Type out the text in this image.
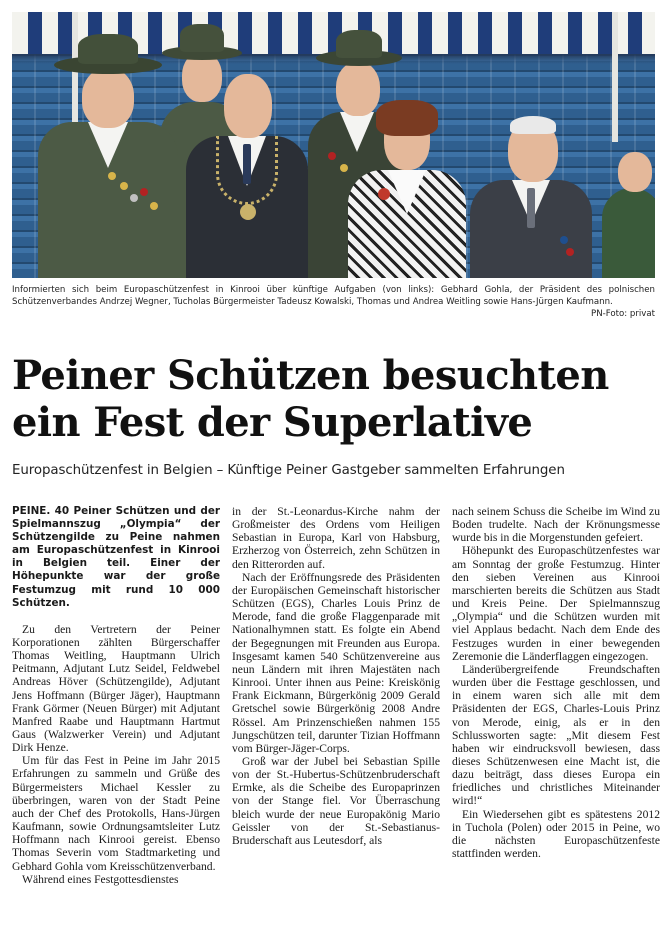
Informierten sich beim Europaschützenfest in Kinrooi über künftige Aufgaben (von links): Gebhard Gohla, der Präsident des polnischen Schützenverbandes Andrzej Wegner, Tucholas Bürgermeister Tadeusz Kowalski, Thomas und Andrea Weitling sowie Hans-Jürgen Kaufmann.
PN-Foto: privat
Peiner Schützen besuchten
ein Fest der Superlative

Europaschützenfest in Belgien – Künftige Peiner Gastgeber sammelten Erfahrungen

PEINE. 40 Peiner Schützen und der Spielmannszug „Olympia“ der Schützengilde zu Peine nahmen am Europaschützenfest in Kinrooi in Belgien teil. Einer der Höhepunkte war der große Festumzug mit rund 10 000 Schützen.

Zu den Vertretern der Peiner Korporationen zählten Bürgerschaffer Thomas Weitling, Hauptmann Ulrich Peitmann, Adjutant Lutz Seidel, Feldwebel Andreas Höver (Schützengilde), Adjutant Jens Hoffmann (Bürger Jäger), Hauptmann Frank Görmer (Neuen Bürger) mit Adjutant Manfred Raabe und Hauptmann Hartmut Gaus (Walzwerker Verein) und Adjutant Dirk Henze.

Um für das Fest in Peine im Jahr 2015 Erfahrungen zu sammeln und Grüße des Bürgermeisters Michael Kessler zu überbringen, waren von der Stadt Peine auch der Chef des Protokolls, Hans-Jürgen Kaufmann, sowie Ordnungsamtsleiter Lutz Hoffmann nach Kinrooi gereist. Ebenso Thomas Severin vom Stadtmarketing und Gebhard Gohla vom Kreisschützenverband.

Während eines Festgottesdienstes

in der St.-Leonardus-Kirche nahm der Großmeister des Ordens vom Heiligen Sebastian in Europa, Karl von Habsburg, Erzherzog von Österreich, zehn Schützen in den Ritterorden auf.

Nach der Eröffnungsrede des Präsidenten der Europäischen Gemeinschaft historischer Schützen (EGS), Charles Louis Prinz de Merode, fand die große Flaggenparade mit Nationalhymnen statt. Es folgte ein Abend der Begegnungen mit Freunden aus Europa. Insgesamt kamen 540 Schützenvereine aus neun Ländern mit ihren Majestäten nach Kinrooi. Unter ihnen aus Peine: Kreiskönig Frank Eickmann, Bürgerkönig 2009 Gerald Gretschel sowie Bürgerkönig 2008 Andre Rössel. Am Prinzenschießen nahmen 155 Jungschützen teil, darunter Tizian Hoffmann vom Bürger-Jäger-Corps.

Groß war der Jubel bei Sebastian Spille von der St.-Hubertus-Schützenbruderschaft Ermke, als die Scheibe des Europaprinzen von der Stange fiel. Vor Überraschung bleich wurde der neue Europakönig Mario Geissler von der St.-Sebastianus-Bruderschaft aus Leutesdorf, als

nach seinem Schuss die Scheibe im Wind zu Boden trudelte. Nach der Krönungsmesse wurde bis in die Morgenstunden gefeiert.

Höhepunkt des Europaschützenfestes war am Sonntag der große Festumzug. Hinter den sieben Vereinen aus Kinrooi marschierten bereits die Schützen aus Stadt und Kreis Peine. Der Spielmannszug „Olympia“ und die Schützen wurden mit viel Applaus bedacht. Nach dem Ende des Festzuges wurden in einer bewegenden Zeremonie die Länderflaggen eingezogen.

Länderübergreifende Freundschaften wurden über die Festtage geschlossen, und in einem waren sich alle mit dem Präsidenten der EGS, Charles-Louis Prinz von Merode, einig, als er in den Schlussworten sagte: „Mit diesem Fest haben wir eindrucksvoll bewiesen, dass dieses Schützenwesen eine Macht ist, die dazu beiträgt, dass dieses Europa ein friedliches und christliches Miteinander wird!“

Ein Wiedersehen gibt es spätestens 2012 in Tuchola (Polen) oder 2015 in Peine, wo die nächsten Europaschützenfeste stattfinden werden.
